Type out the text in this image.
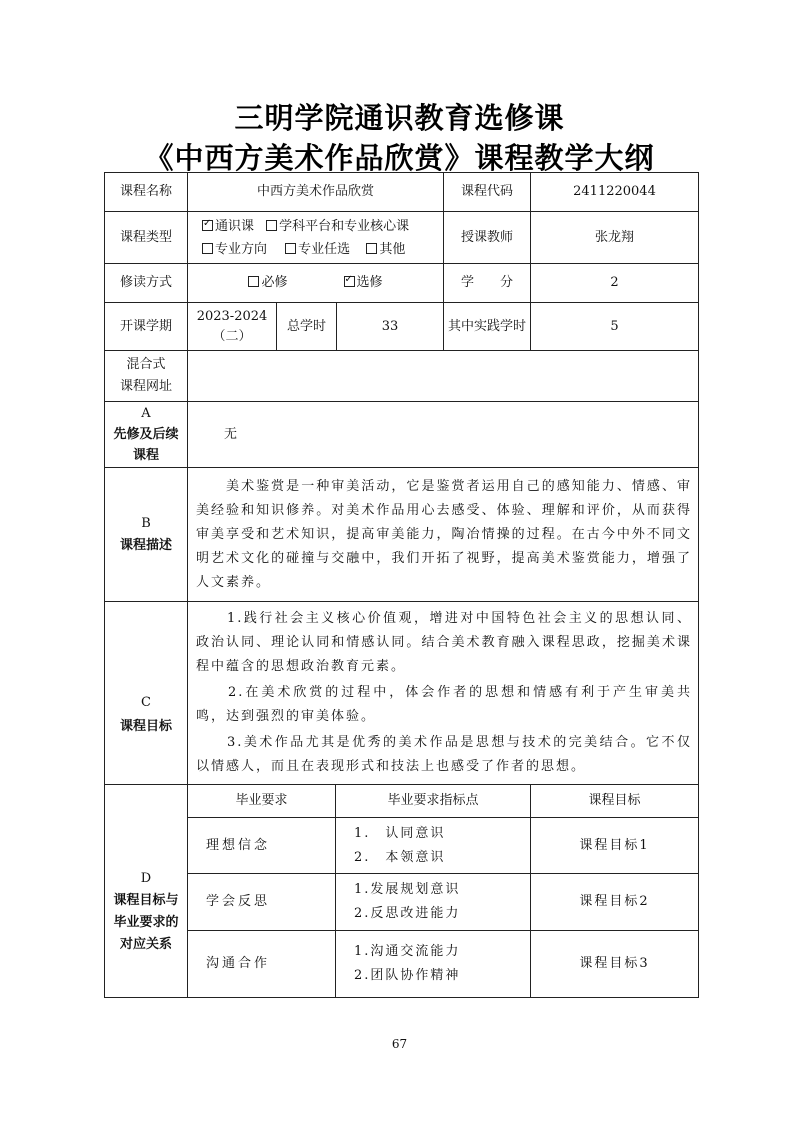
三明学院通识教育选修课
《中西方美术作品欣赏》课程教学大纲
课程名称	中西方美术作品欣赏	课程代码	2411220044
课程类型
✓通识课 学科平台和专业核心课
专业方向 专业任选 其他
授课教师	张龙翔
修读方式	必修
✓	选修	学　　分	2
开课学期
2023-2024
（二）
总学时	33	其中实践学时	5
混合式
课程网址
A
先修及后续
课程
无
B
课程描述
　　美术鉴赏是一种审美活动，它是鉴赏者运用自己的感知能力、情感、审美经验和知识修养。对美术作品用心去感受、体验、理解和评价，从而获得审美享受和艺术知识，提高审美能力，陶冶情操的过程。在古今中外不同文明艺术文化的碰撞与交融中，我们开拓了视野，提高美术鉴赏能力，增强了人文素养。
C
课程目标
　　1.践行社会主义核心价值观，增进对中国特色社会主义的思想认同、政治认同、理论认同和情感认同。结合美术教育融入课程思政，挖掘美术课程中蕴含的思想政治教育元素。
　　2.在美术欣赏的过程中，体会作者的思想和情感有利于产生审美共鸣，达到强烈的审美体验。
　　3.美术作品尤其是优秀的美术作品是思想与技术的完美结合。它不仅以情感人，而且在表现形式和技法上也感受了作者的思想。
D
课程目标与
毕业要求的
对应关系
毕业要求	毕业要求指标点	课程目标
理想信念
1.　认同意识
2.　本领意识
课程目标1
学会反思
1.发展规划意识
2.反思改进能力
课程目标2
沟通合作
1.沟通交流能力
2.团队协作精神
课程目标3
67
